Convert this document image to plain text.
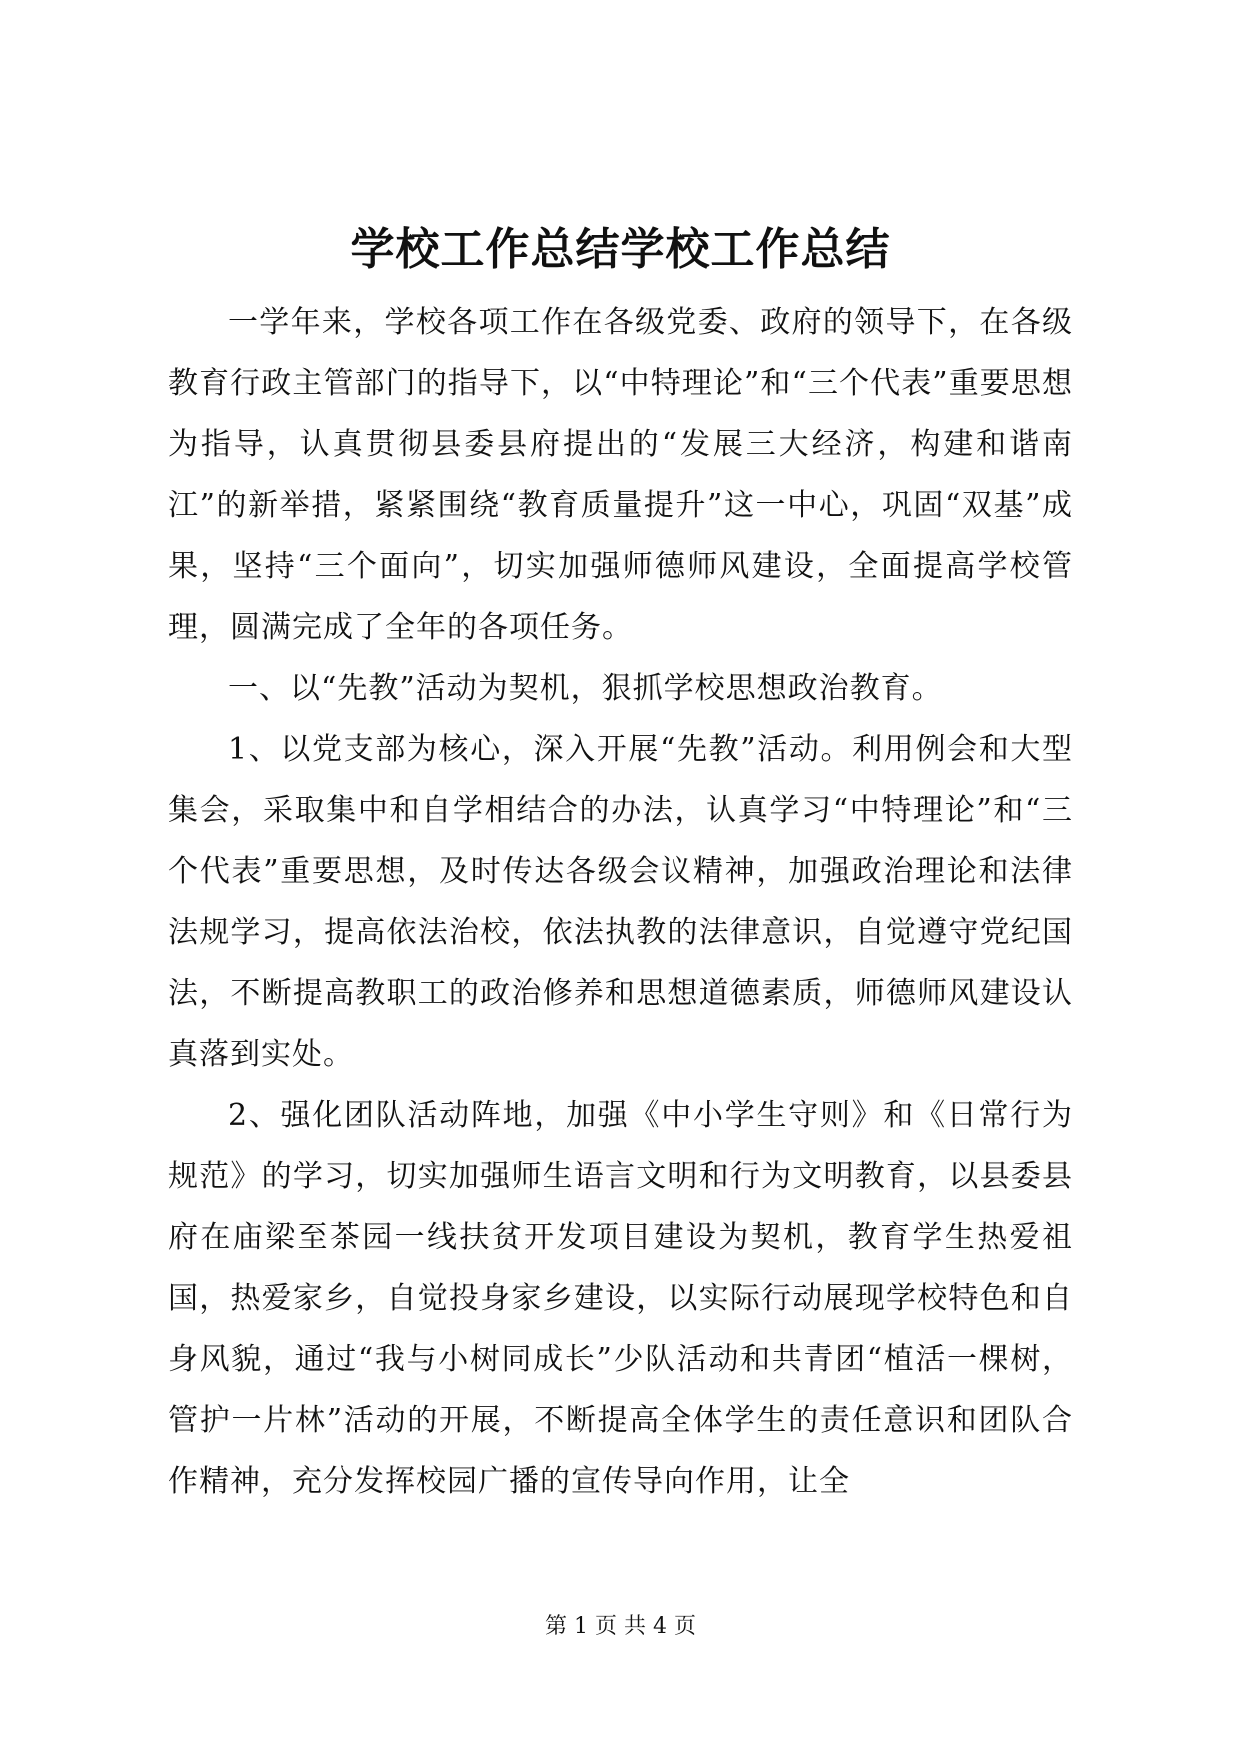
学校工作总结学校工作总结

一学年来，学校各项工作在各级党委、政府的领导下，在各级教育行政主管部门的指导下，以“中特理论”和“三个代表”重要思想为指导，认真贯彻县委县府提出的“发展三大经济，构建和谐南江”的新举措，紧紧围绕“教育质量提升”这一中心，巩固“双基”成果，坚持“三个面向”，切实加强师德师风建设，全面提高学校管理，圆满完成了全年的各项任务。

一、以“先教”活动为契机，狠抓学校思想政治教育。

1、以党支部为核心，深入开展“先教”活动。利用例会和大型集会，采取集中和自学相结合的办法，认真学习“中特理论”和“三个代表”重要思想，及时传达各级会议精神，加强政治理论和法律法规学习，提高依法治校，依法执教的法律意识，自觉遵守党纪国法，不断提高教职工的政治修养和思想道德素质，师德师风建设认真落到实处。

2、强化团队活动阵地，加强《中小学生守则》和《日常行为规范》的学习，切实加强师生语言文明和行为文明教育，以县委县府在庙梁至茶园一线扶贫开发项目建设为契机，教育学生热爱祖国，热爱家乡，自觉投身家乡建设，以实际行动展现学校特色和自身风貌，通过“我与小树同成长”少队活动和共青团“植活一棵树，管护一片林”活动的开展，不断提高全体学生的责任意识和团队合作精神，充分发挥校园广播的宣传导向作用，让全

第 1 页 共 4 页
